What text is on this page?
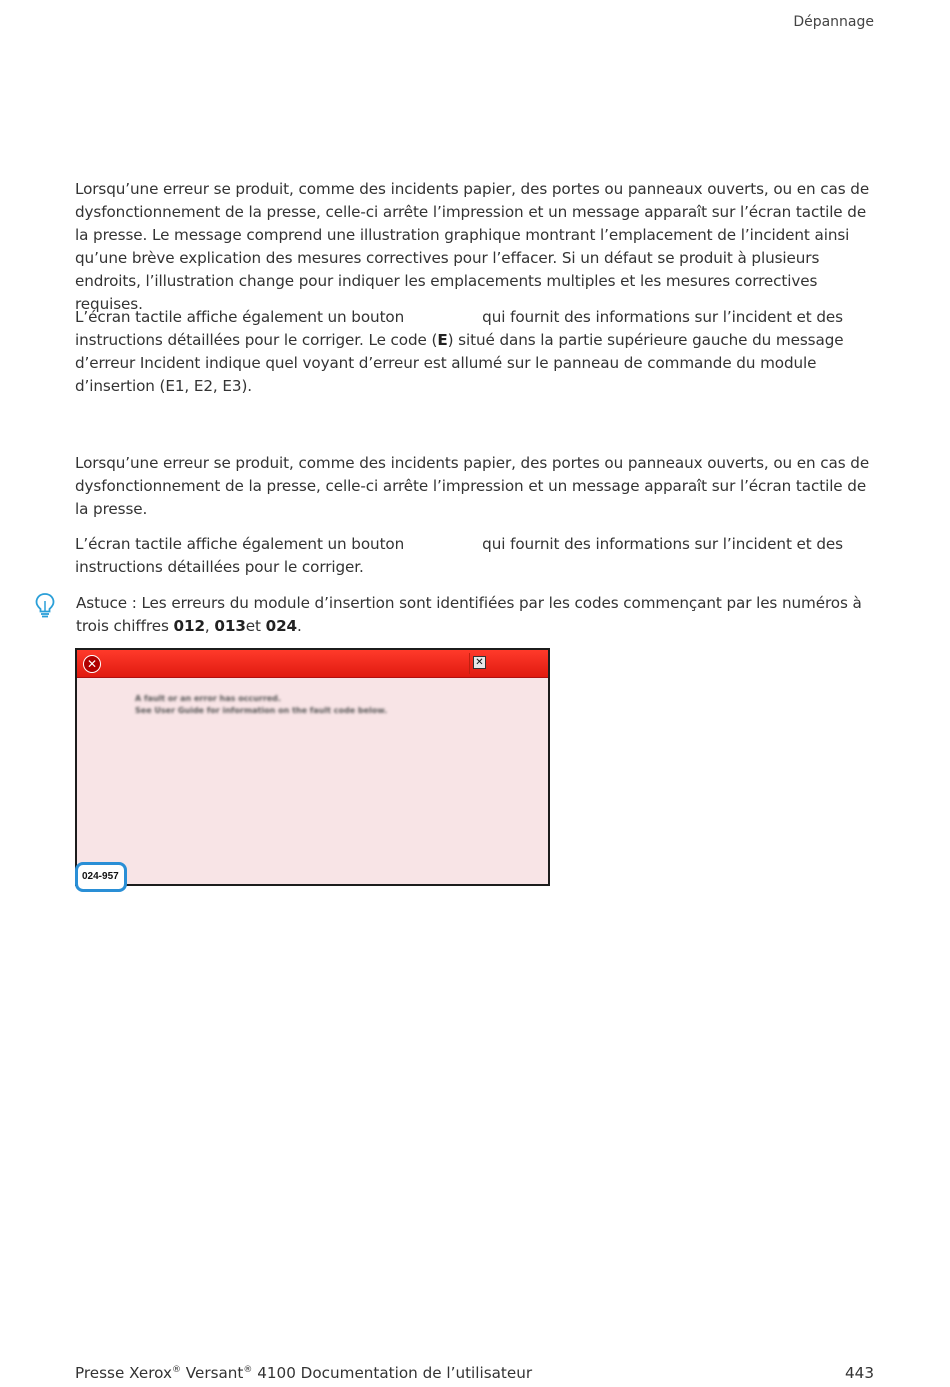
Dépannage

Lorsqu’une erreur se produit, comme des incidents papier, des portes ou panneaux ouverts, ou en cas de dysfonctionnement de la presse, celle-ci arrête l’impression et un message apparaît sur l’écran tactile de la presse. Le message comprend une illustration graphique montrant l’emplacement de l’incident ainsi qu’une brève explication des mesures correctives pour l’effacer. Si un défaut se produit à plusieurs endroits, l’illustration change pour indiquer les emplacements multiples et les mesures correctives requises.

L’écran tactile affiche également un bouton	qui fournit des informations sur l’incident et des instructions détaillées pour le corriger. Le code (E) situé dans la partie supérieure gauche du message d’erreur Incident indique quel voyant d’erreur est allumé sur le panneau de commande du module d’insertion (E1, E2, E3).

Lorsqu’une erreur se produit, comme des incidents papier, des portes ou panneaux ouverts, ou en cas de dysfonctionnement de la presse, celle-ci arrête l’impression et un message apparaît sur l’écran tactile de la presse.

L’écran tactile affiche également un bouton	qui fournit des informations sur l’incident et des instructions détaillées pour le corriger.

Astuce : Les erreurs du module d’insertion sont identifiées par les codes commençant par les numéros à trois chiffres 012, 013et 024.

✕	✕
A fault or an error has occurred.
See User Guide for information on the fault code below.
024-957
Presse Xerox® Versant® 4100 Documentation de l’utilisateur	443
